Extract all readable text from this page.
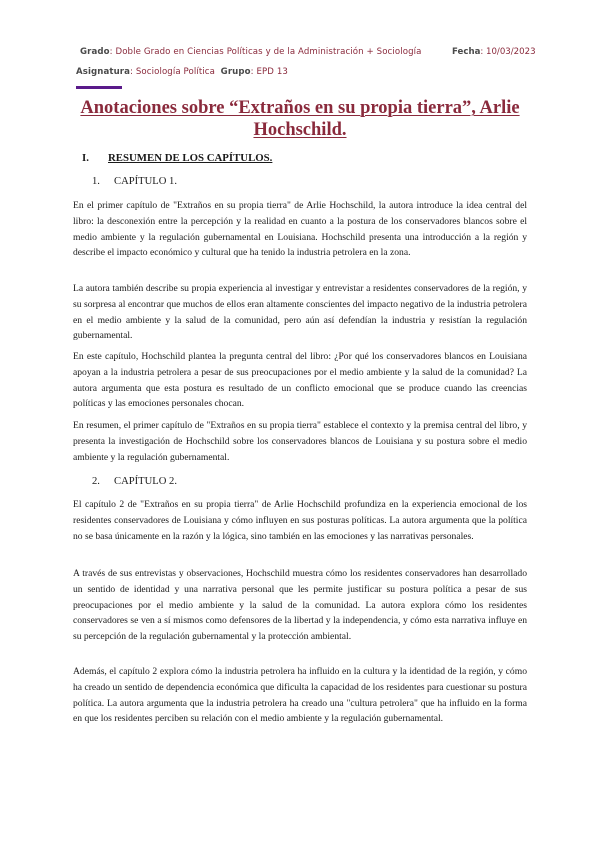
Grado: Doble Grado en Ciencias Políticas y de la Administración + Sociología	Fecha: 10/03/2023
Asignatura: Sociología Política Grupo: EPD 13
Anotaciones sobre “Extraños en su propia tierra”, Arlie Hochschild.
I. RESUMEN DE LOS CAPÍTULOS.
1. CAPÍTULO 1.

En el primer capítulo de "Extraños en su propia tierra" de Arlie Hochschild, la autora introduce la idea central del libro: la desconexión entre la percepción y la realidad en cuanto a la postura de los conservadores blancos sobre el medio ambiente y la regulación gubernamental en Louisiana. Hochschild presenta una introducción a la región y describe el impacto económico y cultural que ha tenido la industria petrolera en la zona.

La autora también describe su propia experiencia al investigar y entrevistar a residentes conservadores de la región, y su sorpresa al encontrar que muchos de ellos eran altamente conscientes del impacto negativo de la industria petrolera en el medio ambiente y la salud de la comunidad, pero aún así defendían la industria y resistían la regulación gubernamental.

En este capítulo, Hochschild plantea la pregunta central del libro: ¿Por qué los conservadores blancos en Louisiana apoyan a la industria petrolera a pesar de sus preocupaciones por el medio ambiente y la salud de la comunidad? La autora argumenta que esta postura es resultado de un conflicto emocional que se produce cuando las creencias políticas y las emociones personales chocan.

En resumen, el primer capítulo de "Extraños en su propia tierra" establece el contexto y la premisa central del libro, y presenta la investigación de Hochschild sobre los conservadores blancos de Louisiana y su postura sobre el medio ambiente y la regulación gubernamental.

2. CAPÍTULO 2.

El capítulo 2 de "Extraños en su propia tierra" de Arlie Hochschild profundiza en la experiencia emocional de los residentes conservadores de Louisiana y cómo influyen en sus posturas políticas. La autora argumenta que la política no se basa únicamente en la razón y la lógica, sino también en las emociones y las narrativas personales.

A través de sus entrevistas y observaciones, Hochschild muestra cómo los residentes conservadores han desarrollado un sentido de identidad y una narrativa personal que les permite justificar su postura política a pesar de sus preocupaciones por el medio ambiente y la salud de la comunidad. La autora explora cómo los residentes conservadores se ven a sí mismos como defensores de la libertad y la independencia, y cómo esta narrativa influye en su percepción de la regulación gubernamental y la protección ambiental.

Además, el capítulo 2 explora cómo la industria petrolera ha influido en la cultura y la identidad de la región, y cómo ha creado un sentido de dependencia económica que dificulta la capacidad de los residentes para cuestionar su postura política. La autora argumenta que la industria petrolera ha creado una "cultura petrolera" que ha influido en la forma en que los residentes perciben su relación con el medio ambiente y la regulación gubernamental.
